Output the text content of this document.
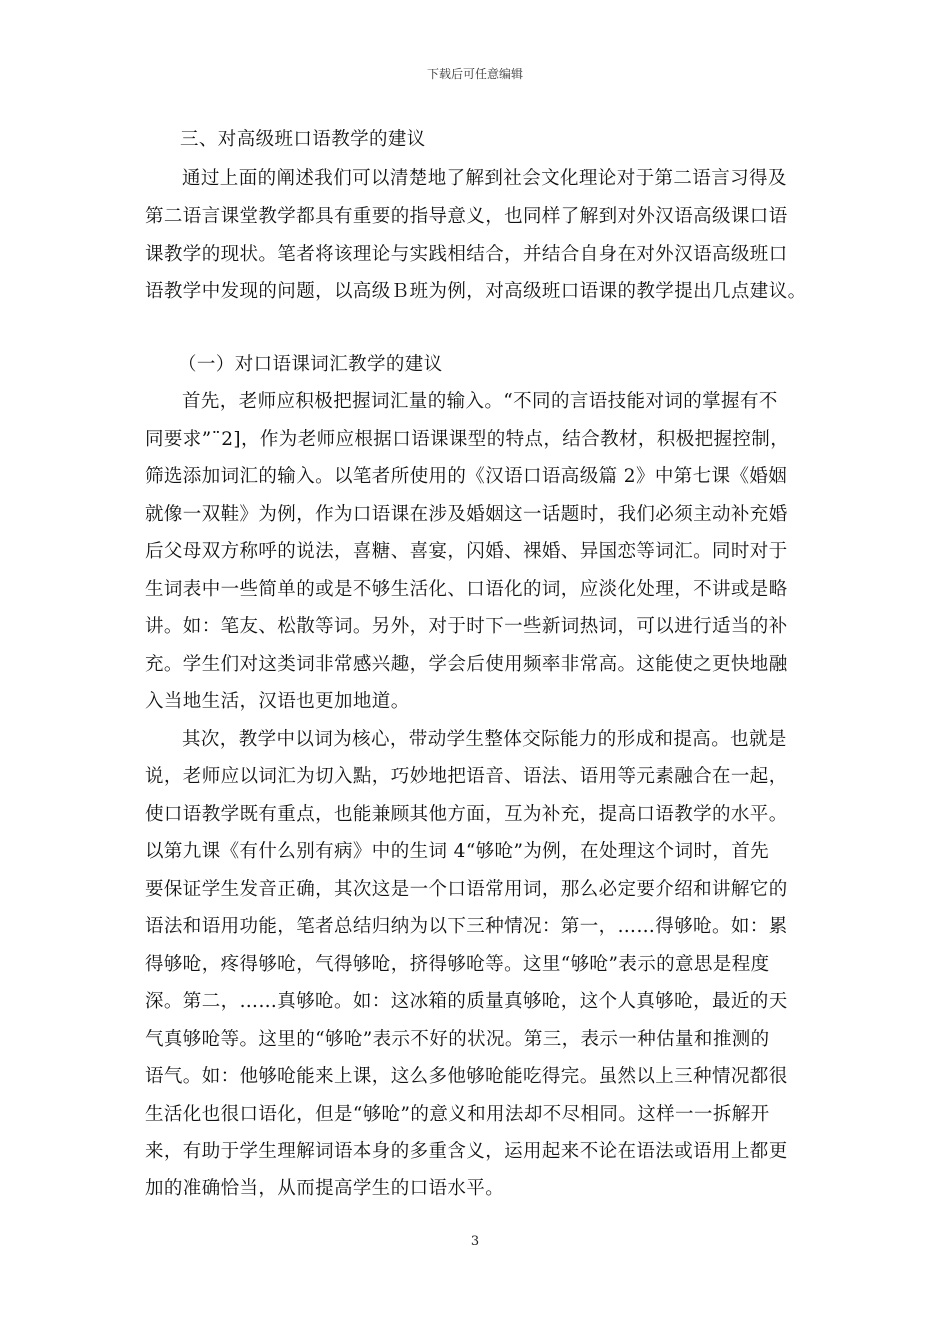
下载后可任意编辑
三、对高级班口语教学的建议
通过上面的阐述我们可以清楚地了解到社会文化理论对于第二语言习得及
第二语言课堂教学都具有重要的指导意义，也同样了解到对外汉语高级课口语
课教学的现状。笔者将该理论与实践相结合，并结合自身在对外汉语高级班口
语教学中发现的问题，以高级Ｂ班为例，对高级班口语课的教学提出几点建议。
（一）对口语课词汇教学的建议
首先，老师应积极把握词汇量的输入。“不同的言语技能对词的掌握有不
同要求”¨2]，作为老师应根据口语课课型的特点，结合教材，积极把握控制，
筛选添加词汇的输入。以笔者所使用的《汉语口语高级篇 2》中第七课《婚姻
就像一双鞋》为例，作为口语课在涉及婚姻这一话题时，我们必须主动补充婚
后父母双方称呼的说法，喜糖、喜宴，闪婚、裸婚、异国恋等词汇。同时对于
生词表中一些简单的或是不够生活化、口语化的词，应淡化处理，不讲或是略
讲。如：笔友、松散等词。另外，对于时下一些新词热词，可以进行适当的补
充。学生们对这类词非常感兴趣，学会后使用频率非常高。这能使之更快地融
入当地生活，汉语也更加地道。
其次，教学中以词为核心，带动学生整体交际能力的形成和提高。也就是
说，老师应以词汇为切入點，巧妙地把语音、语法、语用等元素融合在一起，
使口语教学既有重点，也能兼顾其他方面，互为补充，提高口语教学的水平。
以第九课《有什么别有病》中的生词 4“够呛”为例，在处理这个词时，首先
要保证学生发音正确，其次这是一个口语常用词，那么必定要介绍和讲解它的
语法和语用功能，笔者总结归纳为以下三种情况：第一，……得够呛。如：累
得够呛，疼得够呛，气得够呛，挤得够呛等。这里“够呛”表示的意思是程度
深。第二，……真够呛。如：这冰箱的质量真够呛，这个人真够呛，最近的天
气真够呛等。这里的“够呛”表示不好的状况。第三，表示一种估量和推测的
语气。如：他够呛能来上课，这么多他够呛能吃得完。虽然以上三种情况都很
生活化也很口语化，但是“够呛”的意义和用法却不尽相同。这样一一拆解开
来，有助于学生理解词语本身的多重含义，运用起来不论在语法或语用上都更
加的准确恰当，从而提高学生的口语水平。
3
